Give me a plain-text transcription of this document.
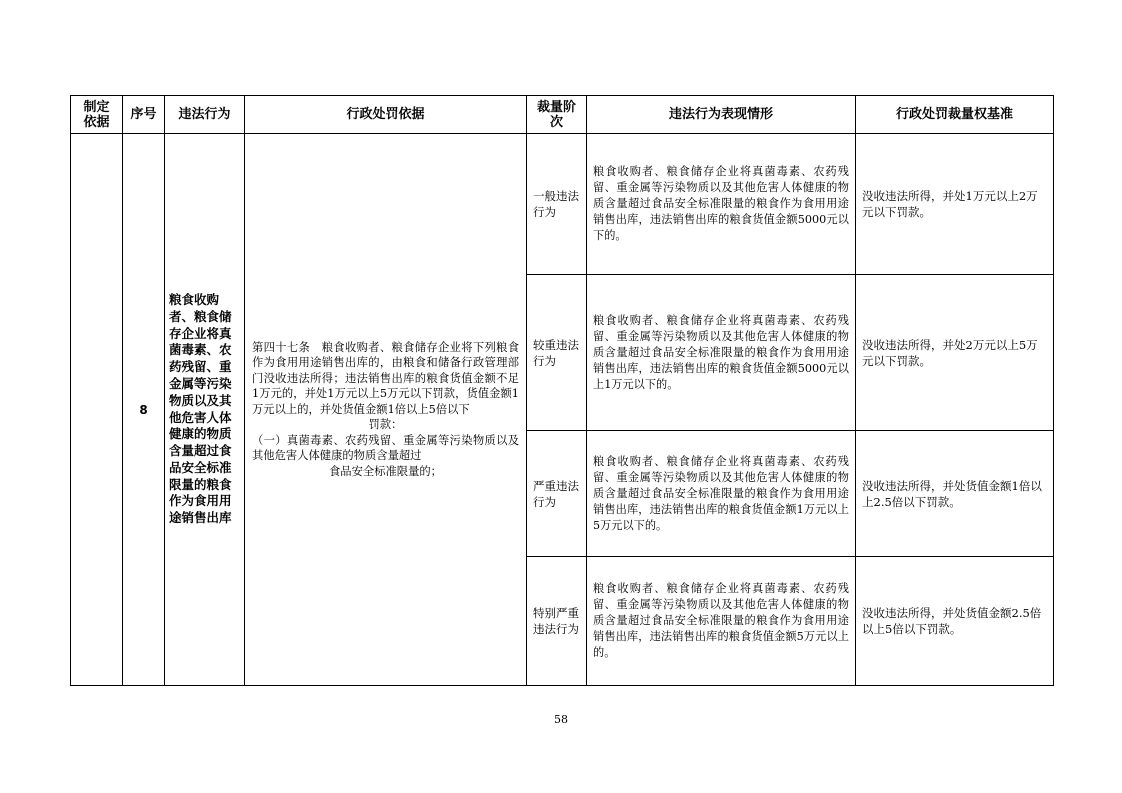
制定依据	序号	违法行为	行政处罚依据	裁量阶次	违法行为表现情形	行政处罚裁量权基准
	8	粮食收购者、粮食储存企业将真菌毒素、农药残留、重金属等污染物质以及其他危害人体健康的物质含量超过食品安全标准限量的粮食作为食用用途销售出库	第四十七条　粮食收购者、粮食储存企业将下列粮食作为食用用途销售出库的，由粮食和储备行政管理部门没收违法所得；违法销售出库的粮食货值金额不足1万元的，并处1万元以上5万元以下罚款，货值金额1万元以上的，并处货值金额1倍以上5倍以下
罚款：
（一）真菌毒素、农药残留、重金属等污染物质以及其他危害人体健康的物质含量超过
食品安全标准限量的；	一般违法行为	粮食收购者、粮食储存企业将真菌毒素、农药残留、重金属等污染物质以及其他危害人体健康的物质含量超过食品安全标准限量的粮食作为食用用途销售出库，违法销售出库的粮食货值金额5000元以下的。	没收违法所得，并处1万元以上2万元以下罚款。
				较重违法行为	粮食收购者、粮食储存企业将真菌毒素、农药残留、重金属等污染物质以及其他危害人体健康的物质含量超过食品安全标准限量的粮食作为食用用途销售出库，违法销售出库的粮食货值金额5000元以上1万元以下的。	没收违法所得，并处2万元以上5万元以下罚款。
				严重违法行为	粮食收购者、粮食储存企业将真菌毒素、农药残留、重金属等污染物质以及其他危害人体健康的物质含量超过食品安全标准限量的粮食作为食用用途销售出库，违法销售出库的粮食货值金额1万元以上5万元以下的。	没收违法所得，并处货值金额1倍以上2.5倍以下罚款。
				特别严重违法行为	粮食收购者、粮食储存企业将真菌毒素、农药残留、重金属等污染物质以及其他危害人体健康的物质含量超过食品安全标准限量的粮食作为食用用途销售出库，违法销售出库的粮食货值金额5万元以上的。	没收违法所得，并处货值金额2.5倍以上5倍以下罚款。
58
